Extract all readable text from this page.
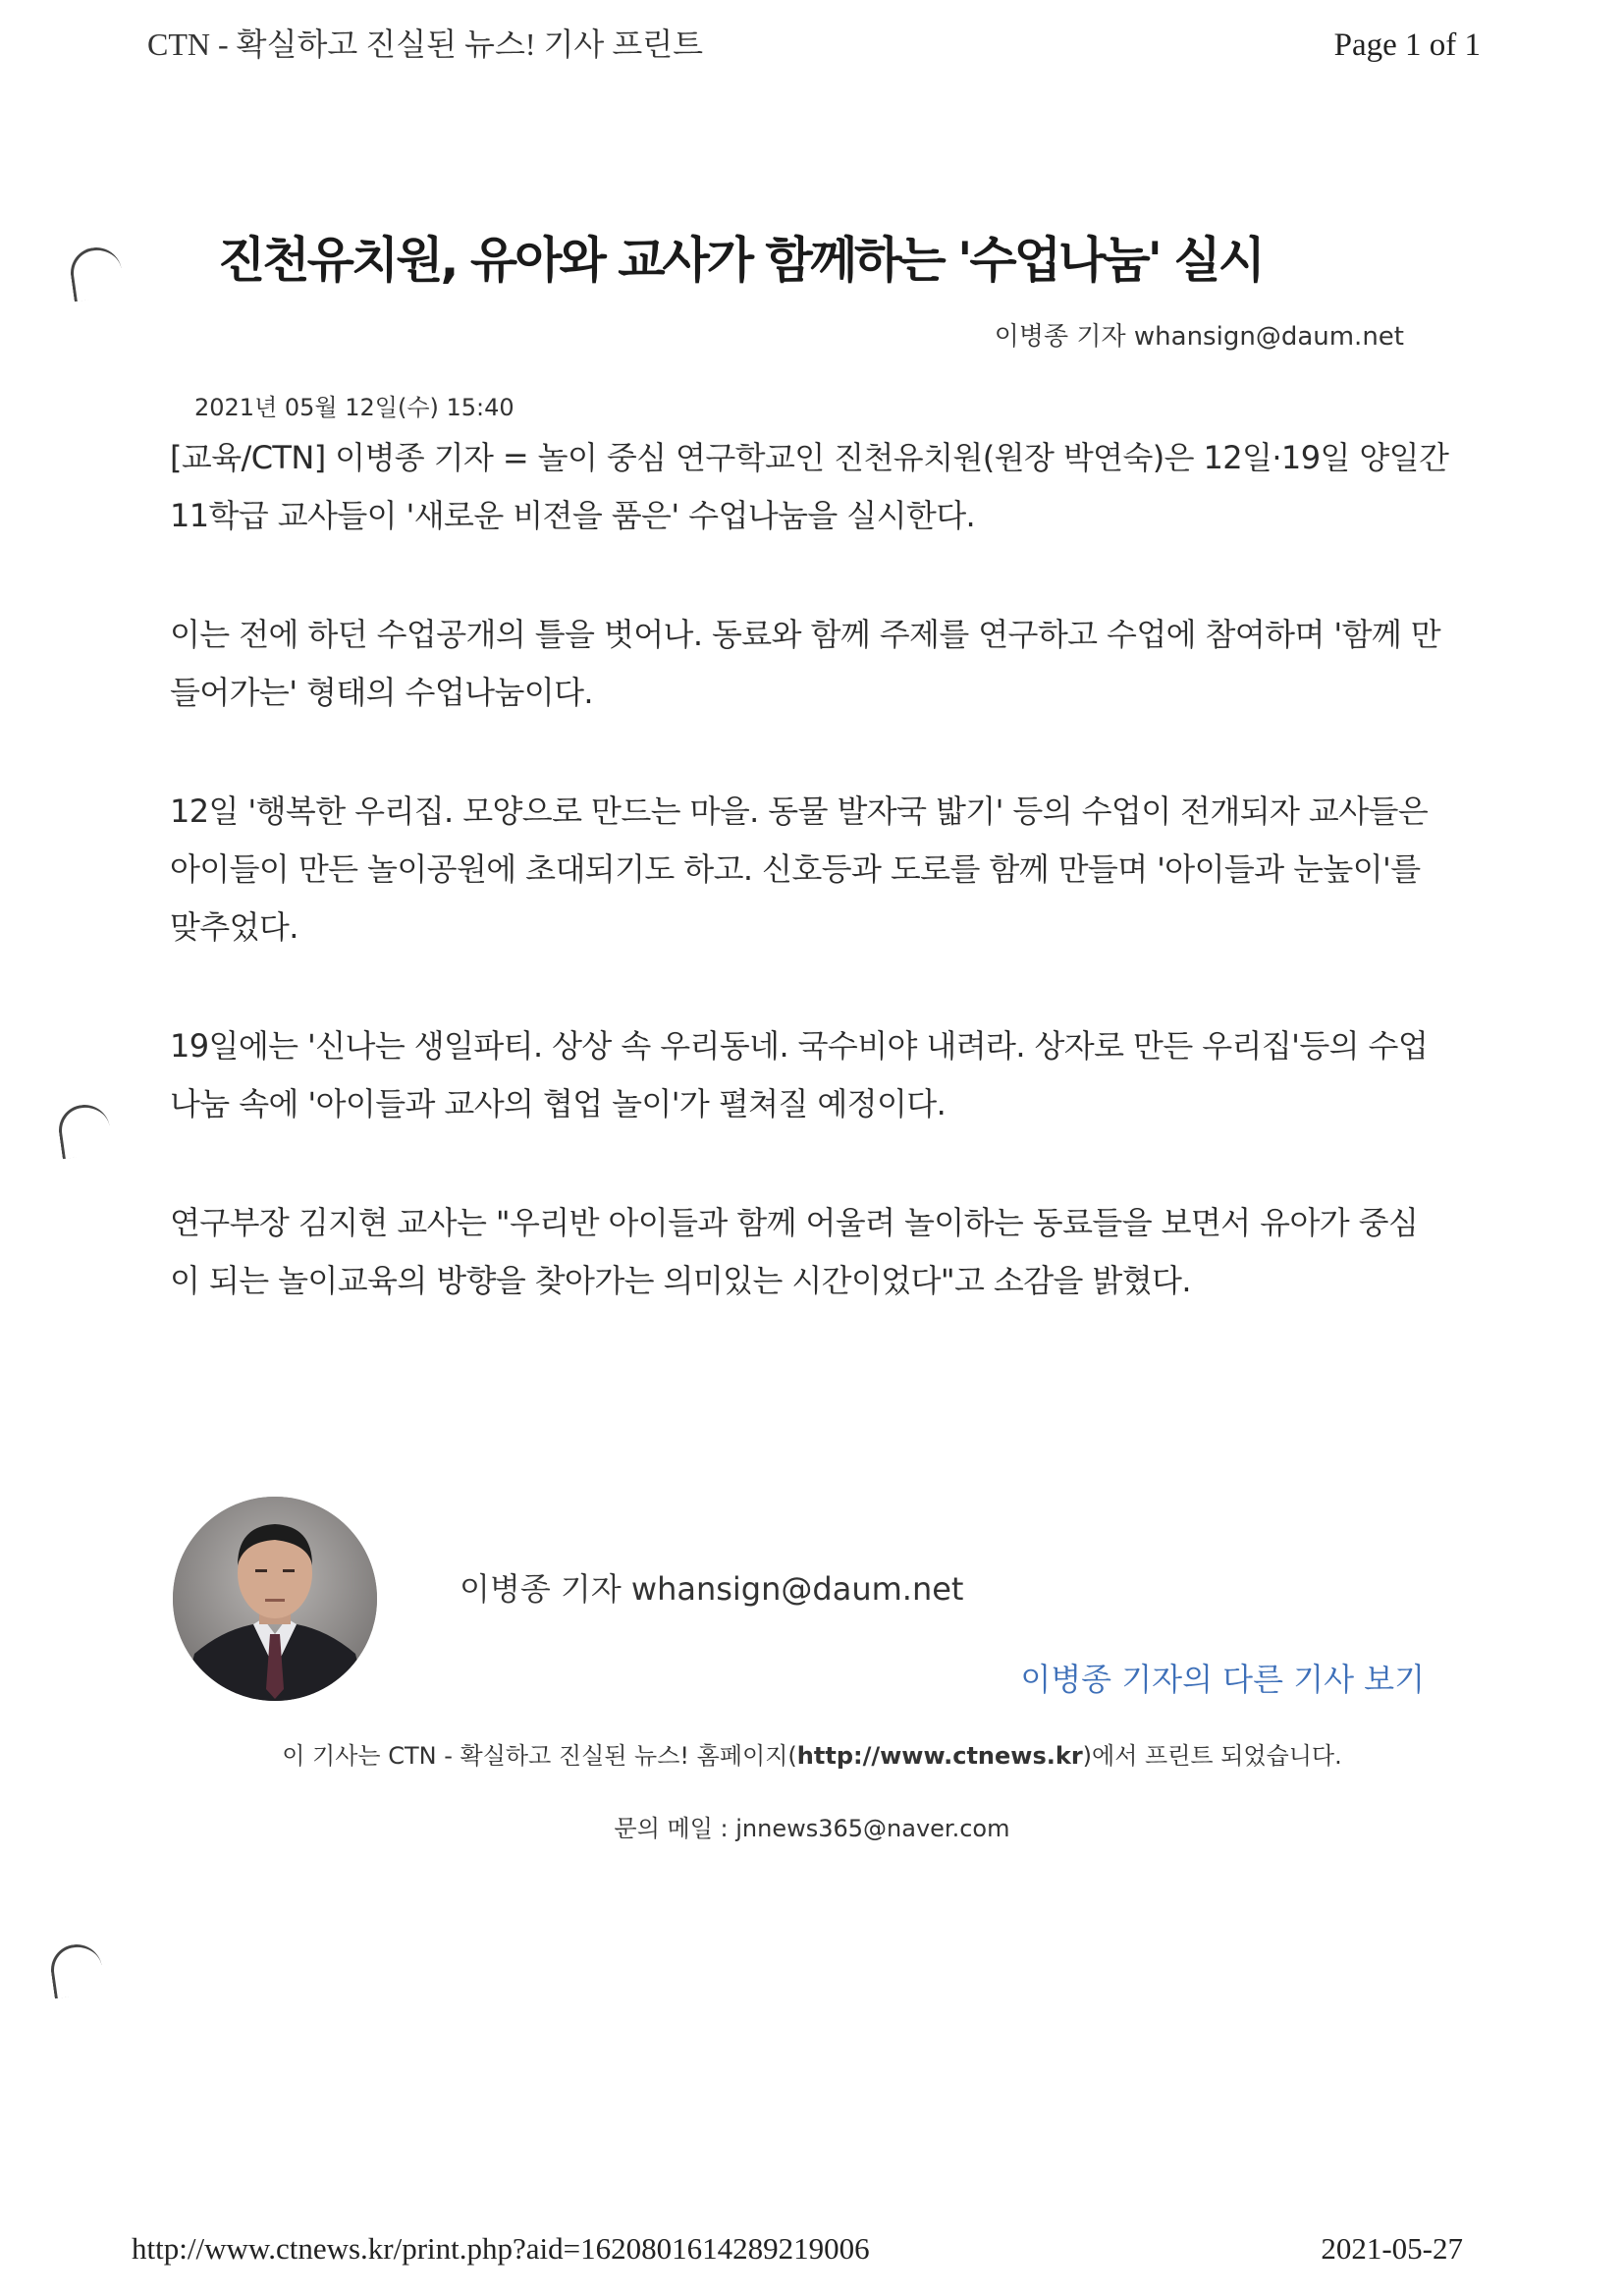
CTN - 확실하고 진실된 뉴스! 기사 프린트	Page 1 of 1
진천유치원, 유아와 교사가 함께하는 '수업나눔' 실시
이병종 기자 whansign@daum.net
2021년 05월 12일(수) 15:40

[교육/CTN] 이병종 기자 = 놀이 중심 연구학교인 진천유치원(원장 박연숙)은 12일·19일 양일간
11학급 교사들이 '새로운 비젼을 품은' 수업나눔을 실시한다.

이는 전에 하던 수업공개의 틀을 벗어나. 동료와 함께 주제를 연구하고 수업에 참여하며 '함께 만
들어가는' 형태의 수업나눔이다.

12일 '행복한 우리집. 모양으로 만드는 마을. 동물 발자국 밟기' 등의 수업이 전개되자 교사들은
아이들이 만든 놀이공원에 초대되기도 하고. 신호등과 도로를 함께 만들며 '아이들과 눈높이'를
맞추었다.

19일에는 '신나는 생일파티. 상상 속 우리동네. 국수비야 내려라. 상자로 만든 우리집'등의 수업
나눔 속에 '아이들과 교사의 협업 놀이'가 펼쳐질 예정이다.

연구부장 김지현 교사는 "우리반 아이들과 함께 어울려 놀이하는 동료들을 보면서 유아가 중심
이 되는 놀이교육의 방향을 찾아가는 의미있는 시간이었다"고 소감을 밝혔다.

이병종 기자 whansign@daum.net
이병종 기자의 다른 기사 보기
이 기사는 CTN - 확실하고 진실된 뉴스! 홈페이지(http://www.ctnews.kr)에서 프린트 되었습니다.
문의 메일 : jnnews365@naver.com
http://www.ctnews.kr/print.php?aid=1620801614289219006	2021-05-27
